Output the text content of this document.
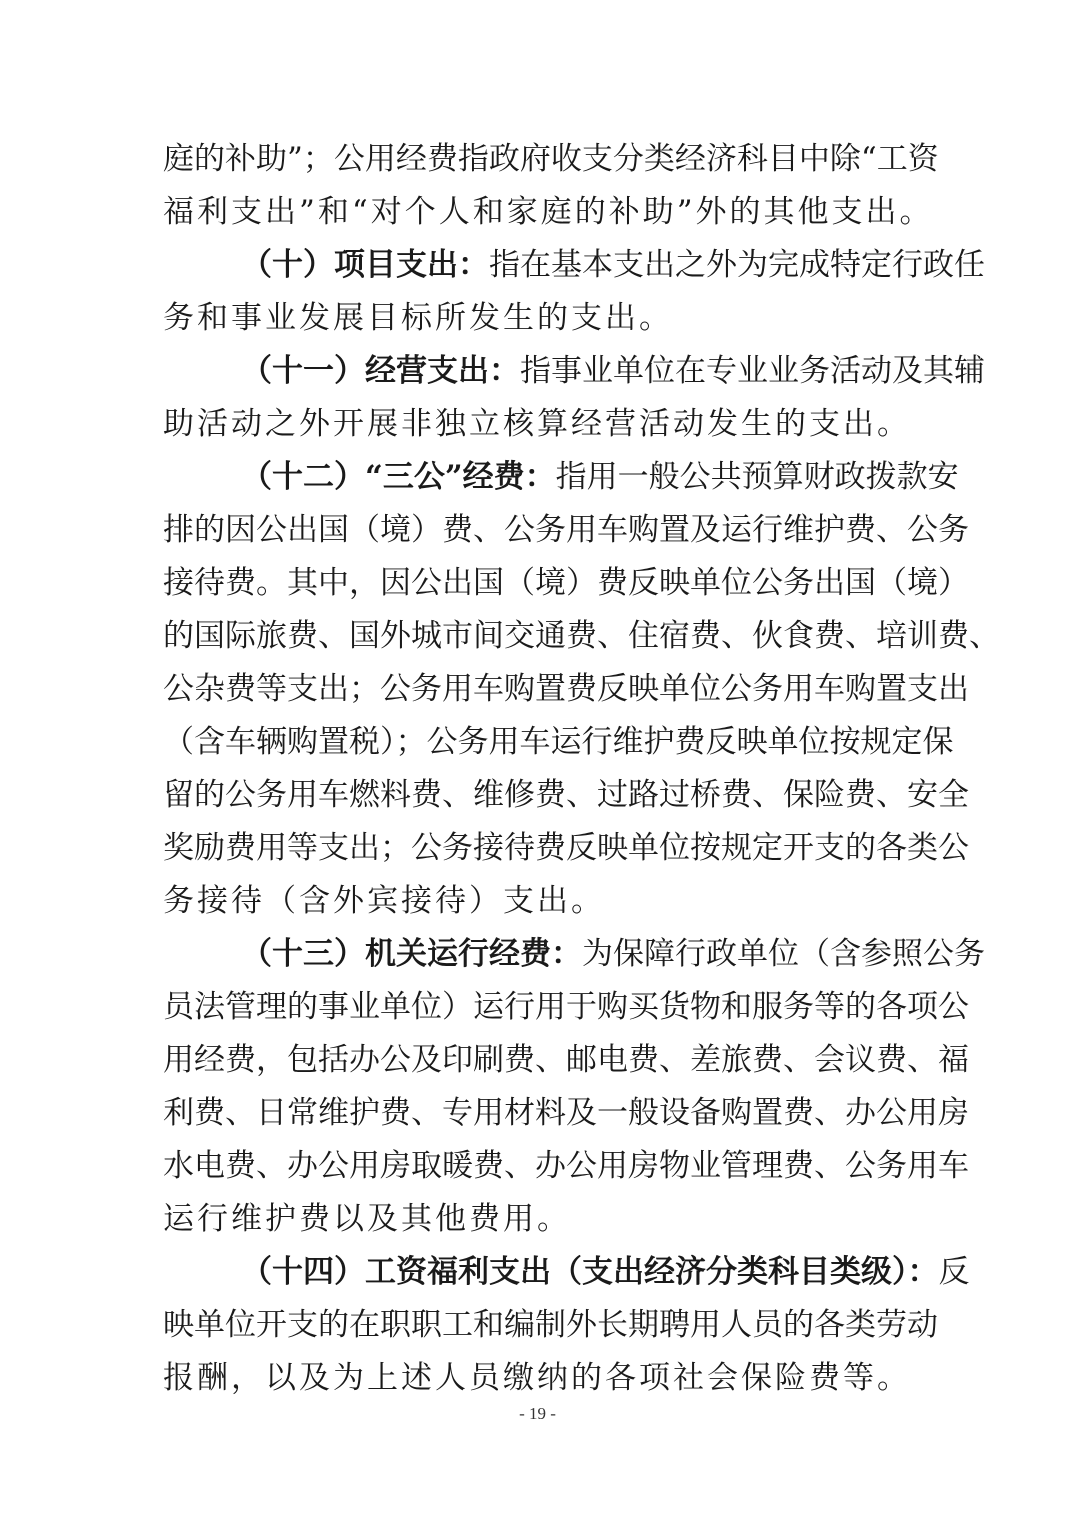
庭的补助”；公用经费指政府收支分类经济科目中除“工资
福利支出”和“对个人和家庭的补助”外的其他支出。
（十）项目支出：指在基本支出之外为完成特定行政任
务和事业发展目标所发生的支出。
（十一）经营支出：指事业单位在专业业务活动及其辅
助活动之外开展非独立核算经营活动发生的支出。
（十二）“三公”经费：指用一般公共预算财政拨款安
排的因公出国（境）费、公务用车购置及运行维护费、公务
接待费。其中，因公出国（境）费反映单位公务出国（境）
的国际旅费、国外城市间交通费、住宿费、伙食费、培训费、
公杂费等支出；公务用车购置费反映单位公务用车购置支出
（含车辆购置税）；公务用车运行维护费反映单位按规定保
留的公务用车燃料费、维修费、过路过桥费、保险费、安全
奖励费用等支出；公务接待费反映单位按规定开支的各类公
务接待（含外宾接待）支出。
（十三）机关运行经费：为保障行政单位（含参照公务
员法管理的事业单位）运行用于购买货物和服务等的各项公
用经费，包括办公及印刷费、邮电费、差旅费、会议费、福
利费、日常维护费、专用材料及一般设备购置费、办公用房
水电费、办公用房取暖费、办公用房物业管理费、公务用车
运行维护费以及其他费用。
（十四）工资福利支出（支出经济分类科目类级）：反
映单位开支的在职职工和编制外长期聘用人员的各类劳动
报酬，以及为上述人员缴纳的各项社会保险费等。
- 19 -
